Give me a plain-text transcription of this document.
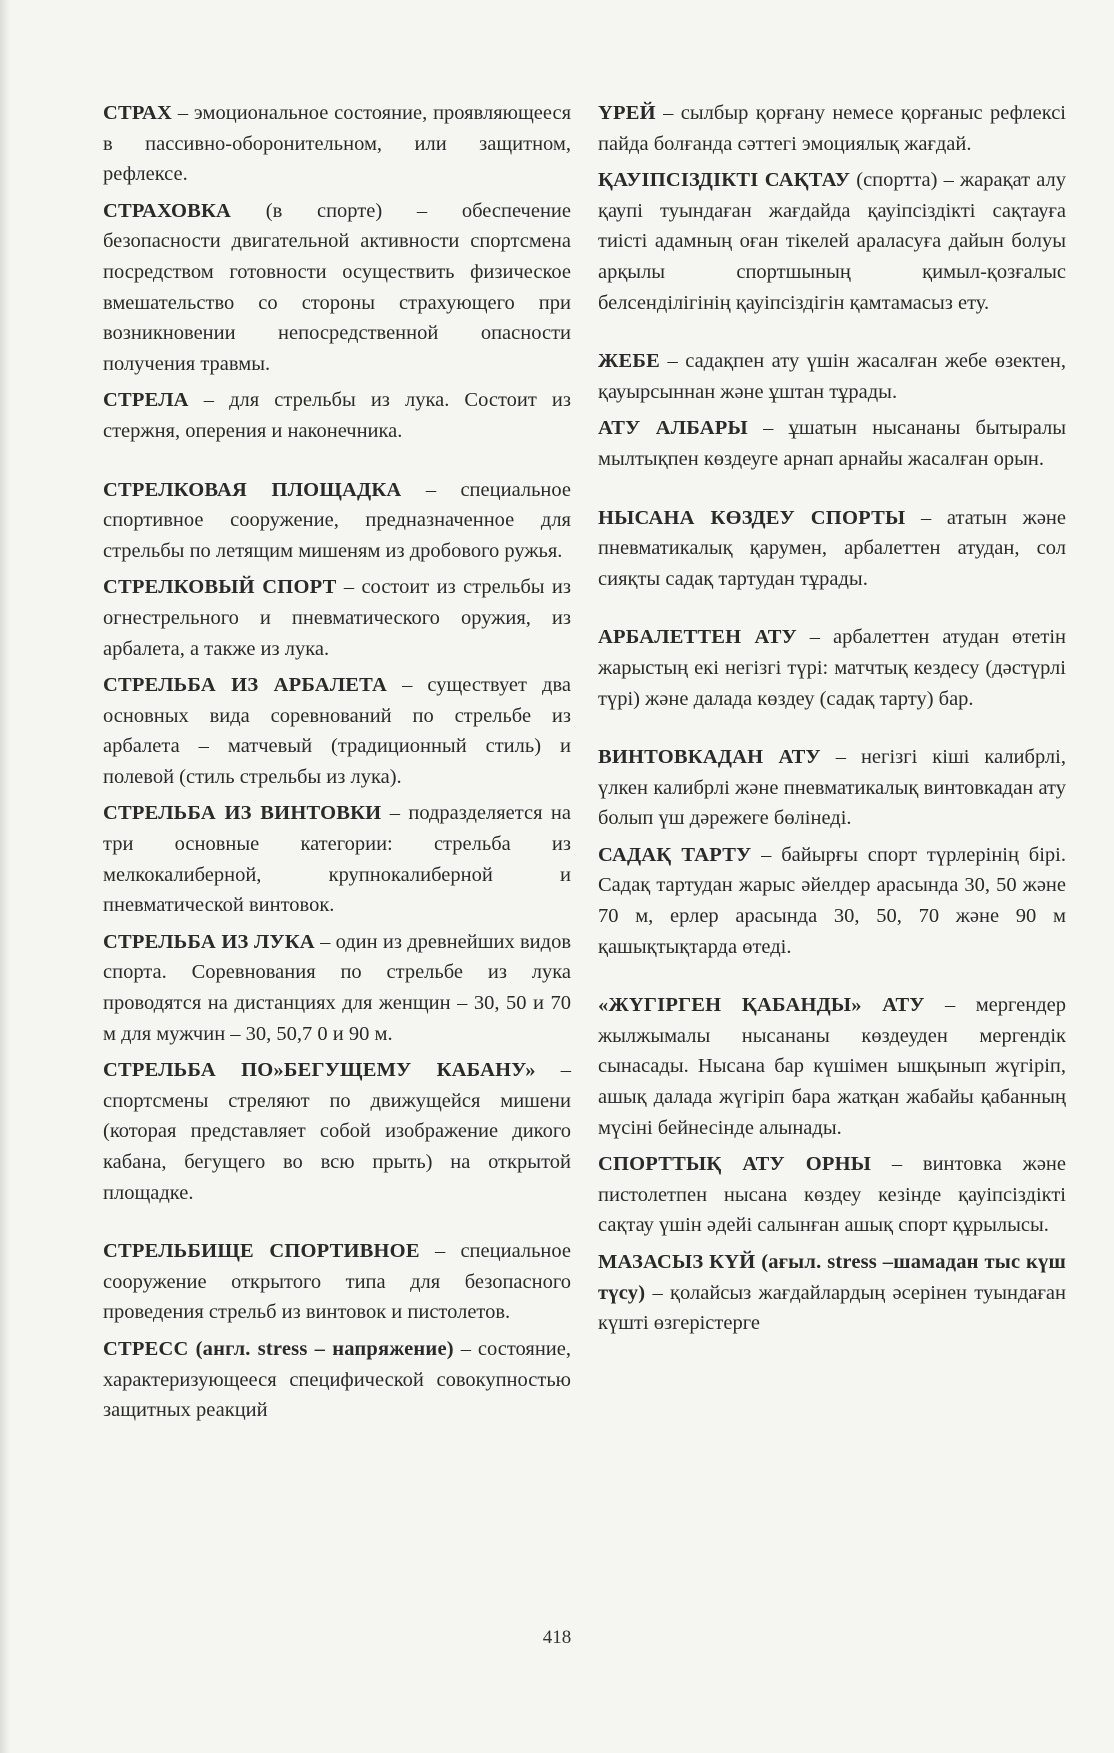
СТРАХ – эмоциональное состояние, проявляющееся в пассивно-оборонительном, или защитном, рефлексе.

СТРАХОВКА (в спорте) – обеспечение безопасности двигательной активности спортсмена посредством готовности осуществить физическое вмешательство со стороны страхующего при возникновении непосредственной опасности получения травмы.

СТРЕЛА – для стрельбы из лука. Состоит из стержня, оперения и наконечника.

СТРЕЛКОВАЯ ПЛОЩАДКА – специальное спортивное сооружение, предназначенное для стрельбы по летящим мишеням из дробового ружья.

СТРЕЛКОВЫЙ СПОРТ – состоит из стрельбы из огнестрельного и пневматического оружия, из арбалета, а также из лука.

СТРЕЛЬБА ИЗ АРБАЛЕТА – существует два основных вида соревнований по стрельбе из арбалета – матчевый (традиционный стиль) и полевой (стиль стрельбы из лука).

СТРЕЛЬБА ИЗ ВИНТОВКИ – подразделяется на три основные категории: стрельба из мелкокалиберной, крупнокалиберной и пневматической винтовок.

СТРЕЛЬБА ИЗ ЛУКА – один из древнейших видов спорта. Соревнования по стрельбе из лука проводятся на дистанциях для женщин – 30, 50 и 70 м для мужчин – 30, 50,7 0 и 90 м.

СТРЕЛЬБА ПО»БЕГУЩЕМУ КАБАНУ» – спортсмены стреляют по движущейся мишени (которая представляет собой изображение дикого кабана, бегущего во всю прыть) на открытой площадке.

СТРЕЛЬБИЩЕ СПОРТИВНОЕ – специальное сооружение открытого типа для безопасного проведения стрельб из винтовок и пистолетов.

СТРЕСС (англ. stress – напряжение) – состояние, характеризующееся специфической совокупностью защитных реакций

ҮРЕЙ – сылбыр қорғану немесе қорғаныс рефлексі пайда болғанда сәттегі эмоциялық жағдай.

ҚАУІПСІЗДІКТІ САҚТАУ (спортта) – жарақат алу қаупі туындаған жағдайда қауіпсіздікті сақтауға тиісті адамның оған тікелей араласуға дайын болуы арқылы спортшының қимыл-қозғалыс белсенділігінің қауіпсіздігін қамтамасыз ету.

ЖЕБЕ – садақпен ату үшін жасалған жебе өзектен, қауырсыннан және ұштан тұрады.

АТУ АЛБАРЫ – ұшатын нысананы бытыралы мылтықпен көздеуге арнап арнайы жасалған орын.

НЫСАНА КӨЗДЕУ СПОРТЫ – ататын және пневматикалық қарумен, арбалеттен атудан, сол сияқты садақ тартудан тұрады.

АРБАЛЕТТЕН АТУ – арбалеттен атудан өтетін жарыстың екі негізгі түрі: матчтық кездесу (дәстүрлі түрі) және далада көздеу (садақ тарту) бар.

ВИНТОВКАДАН АТУ – негізгі кіші калибрлі, үлкен калибрлі және пневматикалық винтовкадан ату болып үш дәрежеге бөлінеді.

САДАҚ ТАРТУ – байырғы спорт түрлерінің бірі. Садақ тартудан жарыс әйелдер арасында 30, 50 және 70 м, ерлер арасында 30, 50, 70 және 90 м қашықтықтарда өтеді.

«ЖҮГІРГЕН ҚАБАНДЫ» АТУ – мергендер жылжымалы нысананы көздеуден мергендік сынасады. Нысана бар күшімен ышқынып жүгіріп, ашық далада жүгіріп бара жатқан жабайы қабанның мүсіні бейнесінде алынады.

СПОРТТЫҚ АТУ ОРНЫ – винтовка және пистолетпен нысана көздеу кезінде қауіпсіздікті сақтау үшін әдейі салынған ашық спорт құрылысы.

МАЗАСЫЗ КҮЙ (ағыл. stress –шамадан тыс күш түсу) – қолайсыз жағдайлардың әсерінен туындаған күшті өзгерістерге

418
